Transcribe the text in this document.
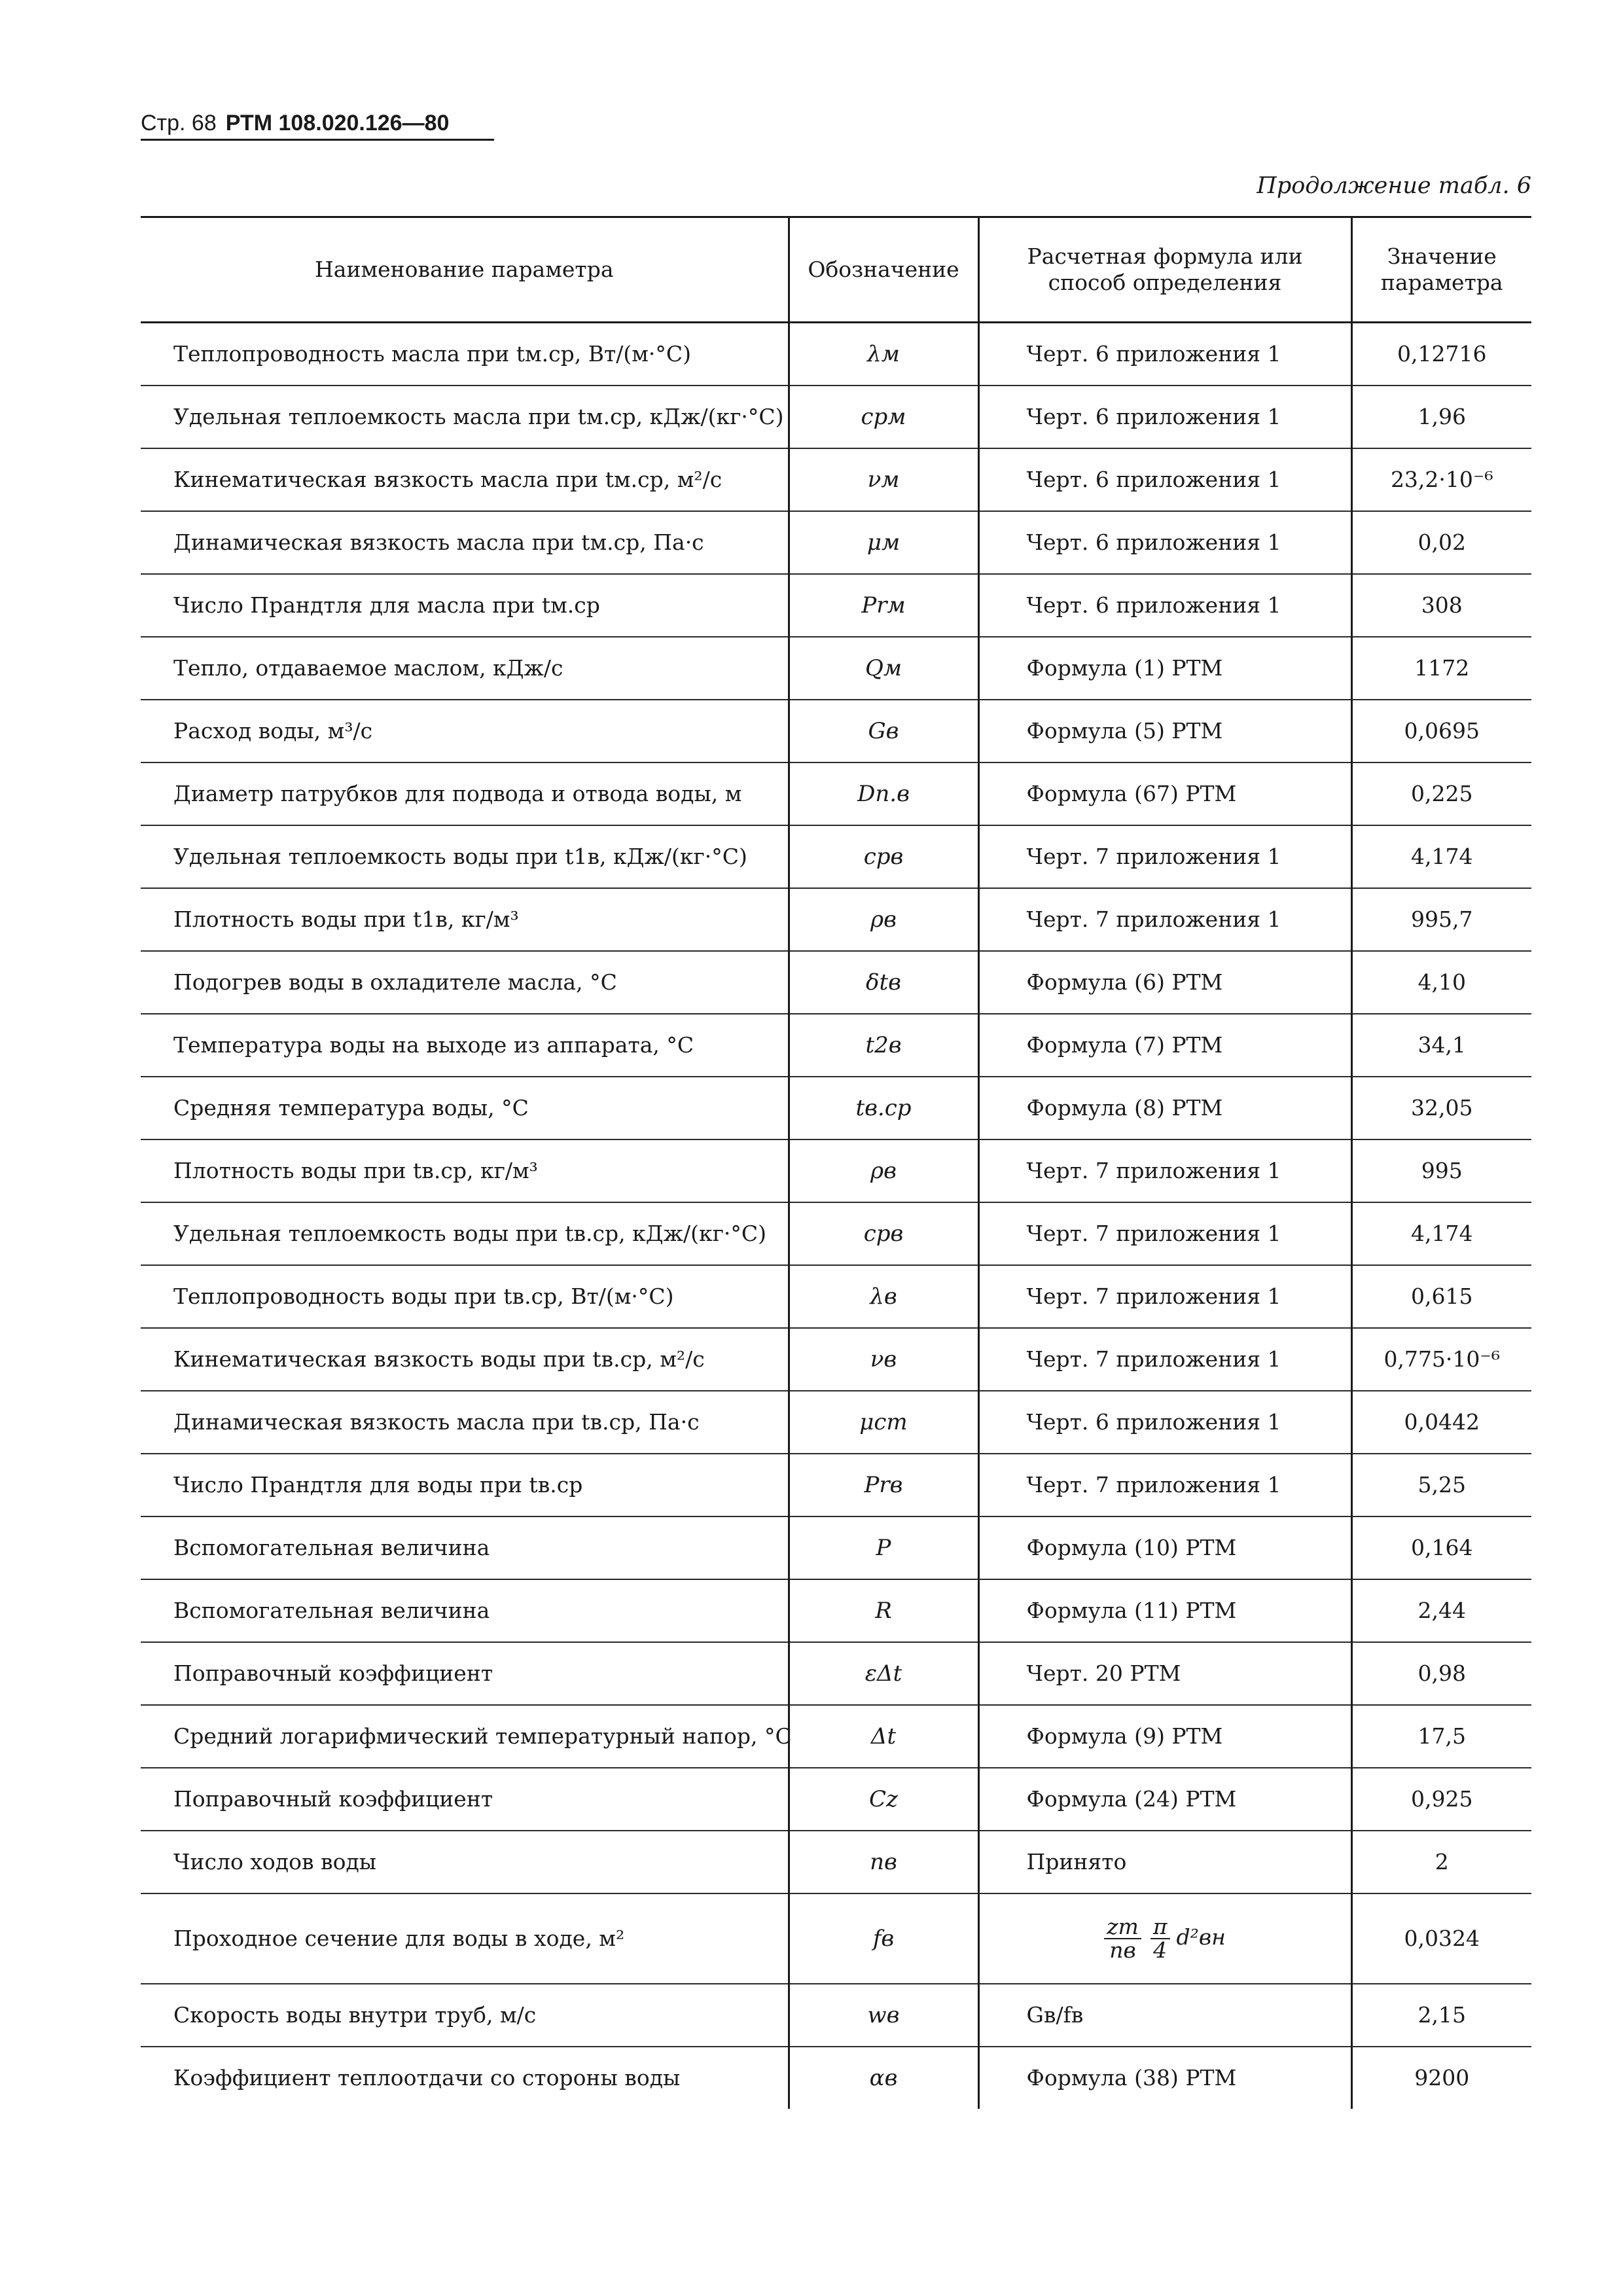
Стр. 68 РТМ 108.020.126—80
Продолжение табл. 6
Наименование параметра	Обозначение	Расчетная формула или способ определения	Значение параметра
Теплопроводность масла при tм.ср, Вт/(м·°С)	λм	Черт. 6 приложения 1	0,12716
Удельная теплоемкость масла при tм.ср, кДж/(кг·°С)	cpм	Черт. 6 приложения 1	1,96
Кинематическая вязкость масла при tм.ср, м²/с	νм	Черт. 6 приложения 1	23,2·10⁻⁶
Динамическая вязкость масла при tм.ср, Па·с	μм	Черт. 6 приложения 1	0,02
Число Прандтля для масла при tм.ср	Prм	Черт. 6 приложения 1	308
Тепло, отдаваемое маслом, кДж/с	Qм	Формула (1) РТМ	1172
Расход воды, м³/с	Gв	Формула (5) РТМ	0,0695
Диаметр патрубков для подвода и отвода воды, м	Dп.в	Формула (67) РТМ	0,225
Удельная теплоемкость воды при t1в, кДж/(кг·°С)	cpв	Черт. 7 приложения 1	4,174
Плотность воды при t1в, кг/м³	ρв	Черт. 7 приложения 1	995,7
Подогрев воды в охладителе масла, °С	δtв	Формула (6) РТМ	4,10
Температура воды на выходе из аппарата, °С	t2в	Формула (7) РТМ	34,1
Средняя температура воды, °С	tв.ср	Формула (8) РТМ	32,05
Плотность воды при tв.ср, кг/м³	ρв	Черт. 7 приложения 1	995
Удельная теплоемкость воды при tв.ср, кДж/(кг·°С)	cpв	Черт. 7 приложения 1	4,174
Теплопроводность воды при tв.ср, Вт/(м·°С)	λв	Черт. 7 приложения 1	0,615
Кинематическая вязкость воды при tв.ср, м²/с	νв	Черт. 7 приложения 1	0,775·10⁻⁶
Динамическая вязкость масла при tв.ср, Па·с	μст	Черт. 6 приложения 1	0,0442
Число Прандтля для воды при tв.ср	Prв	Черт. 7 приложения 1	5,25
Вспомогательная величина	P	Формула (10) РТМ	0,164
Вспомогательная величина	R	Формула (11) РТМ	2,44
Поправочный коэффициент	εΔt	Черт. 20 РТМ	0,98
Средний логарифмический температурный напор, °С	Δt	Формула (9) РТМ	17,5
Поправочный коэффициент	Cz	Формула (24) РТМ	0,925
Число ходов воды	nв	Принято	2
Проходное сечение для воды в ходе, м²	fв	$\frac{zт}{nв} \frac{\pi}{4} d^2вн$	0,0324
Скорость воды внутри труб, м/с	wв	Gв/fв	2,15
Коэффициент теплоотдачи со стороны воды	αв	Формула (38) РТМ	9200
